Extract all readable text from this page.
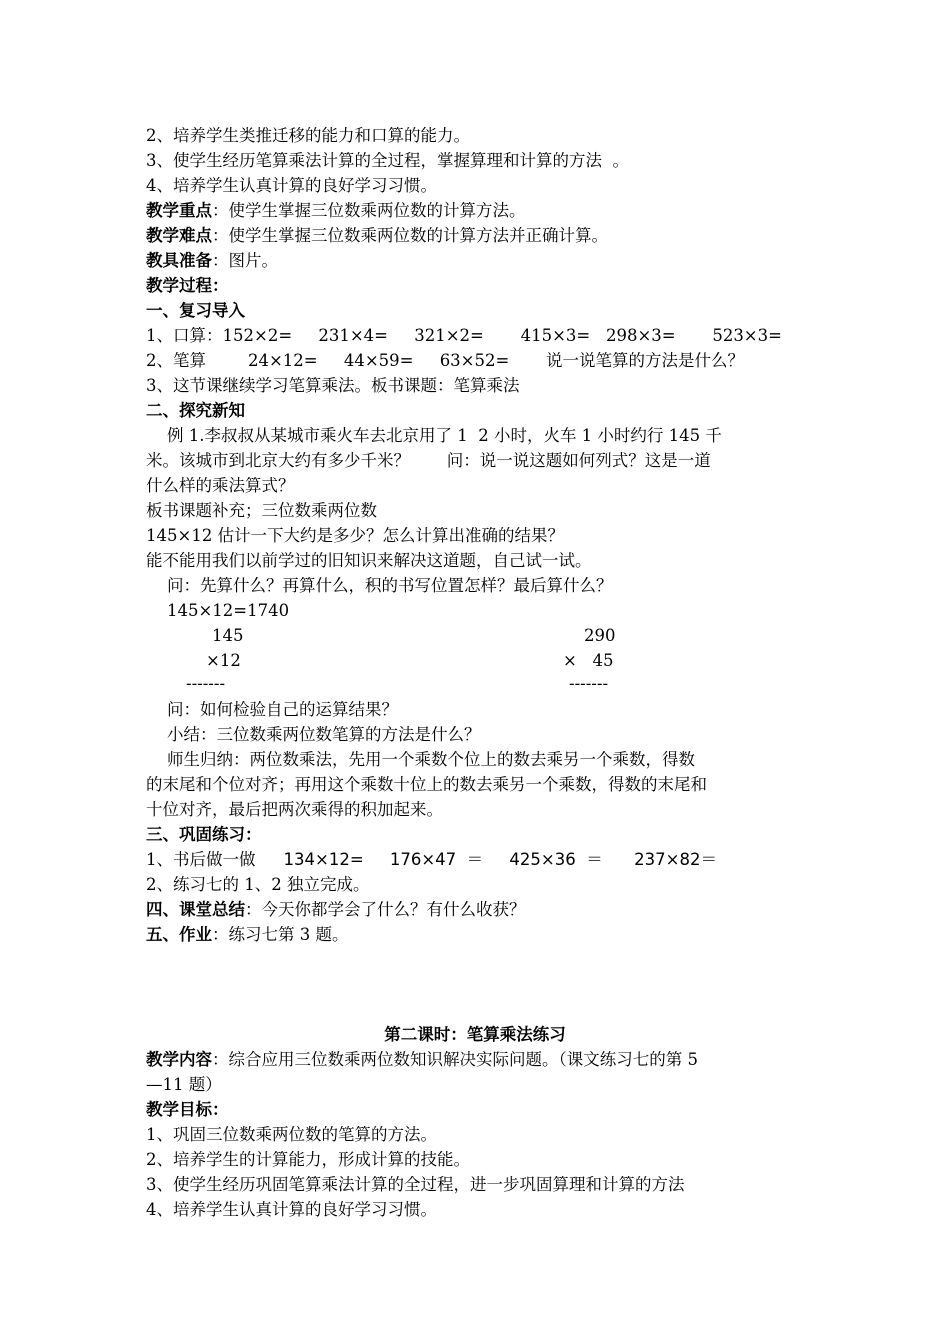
2、培养学生类推迁移的能力和口算的能力。
3、使学生经历笔算乘法计算的全过程，掌握算理和计算的方法  。
4、培养学生认真计算的良好学习习惯。
教学重点：使学生掌握三位数乘两位数的计算方法。
教学难点：使学生掌握三位数乘两位数的计算方法并正确计算。
教具准备：图片。
教学过程：
一、复习导入
1、口算：152×2=     231×4=     321×2=       415×3=   298×3=       523×3=
2、笔算        24×12=     44×59=     63×52=       说一说笔算的方法是什么？
3、这节课继续学习笔算乘法。板书课题：笔算乘法
二、探究新知
例 1.李叔叔从某城市乘火车去北京用了 1  2 小时，火车 1 小时约行 145 千
米。该城市到北京大约有多少千米？       问：说一说这题如何列式？这是一道
什么样的乘法算式？
板书课题补充；三位数乘两位数
145×12 估计一下大约是多少？怎么计算出准确的结果？
能不能用我们以前学过的旧知识来解决这道题，自己试一试。
问：先算什么？再算什么，积的书写位置怎样？最后算什么？
145×12=1740
145
×12
-------
290
×   45
-------
问：如何检验自己的运算结果？
小结：三位数乘两位数笔算的方法是什么？
师生归纳：两位数乘法，先用一个乘数个位上的数去乘另一个乘数，得数
的末尾和个位对齐；再用这个乘数十位上的数去乘另一个乘数，得数的末尾和
十位对齐，最后把两次乘得的积加起来。
三、巩固练习：
1、书后做一做 134×12=     176×47  ＝     425×36  ＝      237×82＝
2、练习七的 1、2 独立完成。
四、课堂总结：今天你都学会了什么？有什么收获？
五、作业：练习七第 3 题。
第二课时：笔算乘法练习
教学内容：综合应用三位数乘两位数知识解决实际问题。（课文练习七的第 5
—11 题）
教学目标：
1、巩固三位数乘两位数的笔算的方法。
2、培养学生的计算能力，形成计算的技能。
3、使学生经历巩固笔算乘法计算的全过程，进一步巩固算理和计算的方法
4、培养学生认真计算的良好学习习惯。
